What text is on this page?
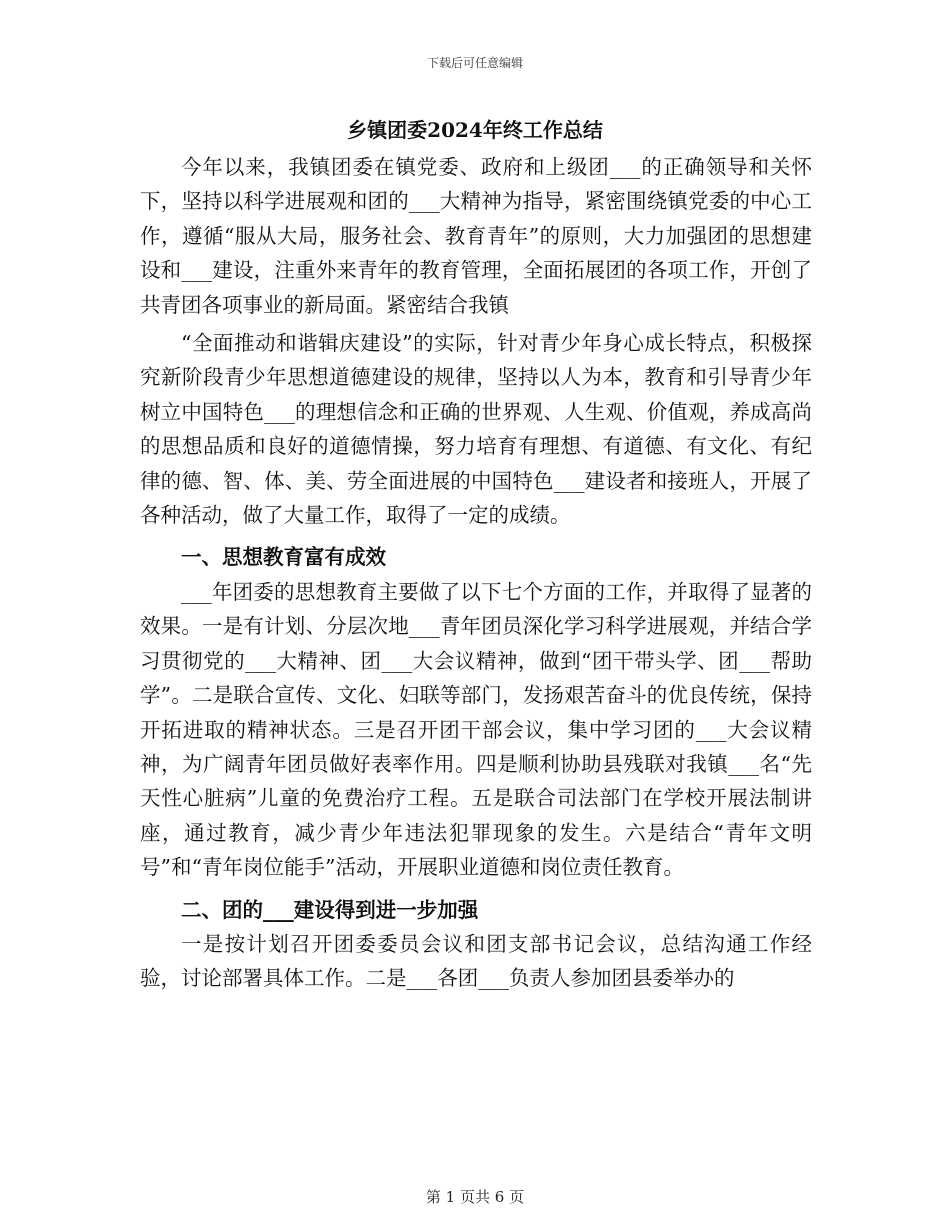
下载后可任意编辑
乡镇团委2024年终工作总结

今年以来，我镇团委在镇党委、政府和上级团___的正确领导和关怀下，坚持以科学进展观和团的___大精神为指导，紧密围绕镇党委的中心工作，遵循“服从大局，服务社会、教育青年”的原则，大力加强团的思想建设和___建设，注重外来青年的教育管理，全面拓展团的各项工作，开创了共青团各项事业的新局面。紧密结合我镇

“全面推动和谐辑庆建设”的实际，针对青少年身心成长特点，积极探究新阶段青少年思想道德建设的规律，坚持以人为本，教育和引导青少年树立中国特色___的理想信念和正确的世界观、人生观、价值观，养成高尚的思想品质和良好的道德情操，努力培育有理想、有道德、有文化、有纪律的德、智、体、美、劳全面进展的中国特色___建设者和接班人，开展了各种活动，做了大量工作，取得了一定的成绩。

一、思想教育富有成效

___年团委的思想教育主要做了以下七个方面的工作，并取得了显著的效果。一是有计划、分层次地___青年团员深化学习科学进展观，并结合学习贯彻党的___大精神、团___大会议精神，做到“团干带头学、团___帮助学”。二是联合宣传、文化、妇联等部门，发扬艰苦奋斗的优良传统，保持开拓进取的精神状态。三是召开团干部会议，集中学习团的___大会议精神，为广阔青年团员做好表率作用。四是顺利协助县残联对我镇___名“先天性心脏病”儿童的免费治疗工程。五是联合司法部门在学校开展法制讲座，通过教育，减少青少年违法犯罪现象的发生。六是结合“青年文明号”和“青年岗位能手”活动，开展职业道德和岗位责任教育。

二、团的___建设得到进一步加强

一是按计划召开团委委员会议和团支部书记会议，总结沟通工作经验，讨论部署具体工作。二是___各团___负责人参加团县委举办的

第 1 页共 6 页
